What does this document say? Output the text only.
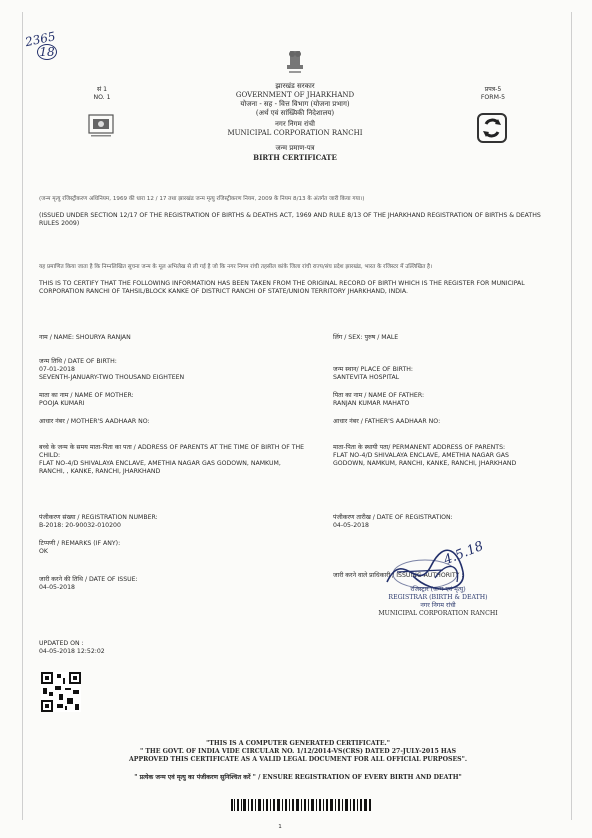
2365
18
सं 1
NO. 1
झारखंड सरकार
GOVERNMENT OF JHARKHAND
योजना - सह - वित्त विभाग (योजना प्रभाग)
(अर्थ एवं सांख्यिकी निदेशालय)
नगर निगम रांची
MUNICIPAL CORPORATION RANCHI
जन्म प्रमाण-पत्र
BIRTH CERTIFICATE
प्रपत्र-5
FORM-5
(जन्म मृत्यु रजिस्ट्रीकरण अधिनियम, 1969 की धारा 12 / 17 तथा झारखंड जन्म मृत्यु रजिस्ट्रीकरण नियम, 2009 के नियम 8/13 के अंतर्गत जारी किया गया।)
(ISSUED UNDER SECTION 12/17 OF THE REGISTRATION OF BIRTHS & DEATHS ACT, 1969 AND RULE 8/13 OF THE JHARKHAND REGISTRATION OF BIRTHS & DEATHS RULES 2009)
यह प्रमाणित किया जाता है कि निम्नलिखित सूचना जन्म के मूल अभिलेख से ली गई है जो कि नगर निगम रांची तहसील कांके जिला रांची राज्य/संघ प्रदेश झारखंड, भारत के रजिस्टर में उल्लिखित है।
THIS IS TO CERTIFY THAT THE FOLLOWING INFORMATION HAS BEEN TAKEN FROM THE ORIGINAL RECORD OF BIRTH WHICH IS THE REGISTER FOR MUNICIPAL CORPORATION RANCHI OF TAHSIL/BLOCK KANKE OF DISTRICT RANCHI OF STATE/UNION TERRITORY JHARKHAND, INDIA.
नाम / NAME: SHOURYA RANJAN	लिंग / SEX: पुरुष / MALE
जन्म तिथि / DATE OF BIRTH:
07-01-2018
SEVENTH-JANUARY-TWO THOUSAND EIGHTEEN
जन्म स्थान/ PLACE OF BIRTH:
SANTEVITA HOSPITAL
माता का नाम / NAME OF MOTHER:
POOJA KUMARI
पिता का नाम / NAME OF FATHER:
RANJAN KUMAR MAHATO
आधार नंबर / MOTHER'S AADHAAR NO:	आधार नंबर / FATHER'S AADHAAR NO:
बच्चे के जन्म के समय माता-पिता का पता / ADDRESS OF PARENTS AT THE TIME OF BIRTH OF THE CHILD:
FLAT NO-4/D SHIVALAYA ENCLAVE, AMETHIA NAGAR GAS GODOWN, NAMKUM, RANCHI, , KANKE, RANCHI, JHARKHAND
माता-पिता के स्थायी पता/ PERMANENT ADDRESS OF PARENTS:
FLAT NO-4/D SHIVALAYA ENCLAVE, AMETHIA NAGAR GAS GODOWN, NAMKUM, RANCHI, KANKE, RANCHI, JHARKHAND
पंजीकरण संख्या / REGISTRATION NUMBER:
B-2018: 20-90032-010200
पंजीकरण तारीख / DATE OF REGISTRATION:
04-05-2018
टिप्पणी / REMARKS (IF ANY):
OK
जारी करने की तिथि / DATE OF ISSUE:
04-05-2018
जारी करने वाले प्राधिकारी / ISSUING AUTHORITY :
4.5.18
रजिस्ट्रार (जन्म एवं मृत्यु)
REGISTRAR (BIRTH & DEATH)
नगर निगम रांची
MUNICIPAL CORPORATION RANCHI
UPDATED ON :
04-05-2018 12:52:02
"THIS IS A COMPUTER GENERATED CERTIFICATE."
" THE GOVT. OF INDIA VIDE CIRCULAR NO. 1/12/2014-VS(CRS) DATED 27-JULY-2015 HAS
APPROVED THIS CERTIFICATE AS A VALID LEGAL DOCUMENT FOR ALL OFFICIAL PURPOSES".
" प्रत्येक जन्म एवं मृत्यु का पंजीकरण सुनिश्चित करें " / ENSURE REGISTRATION OF EVERY BIRTH AND DEATH"
1
